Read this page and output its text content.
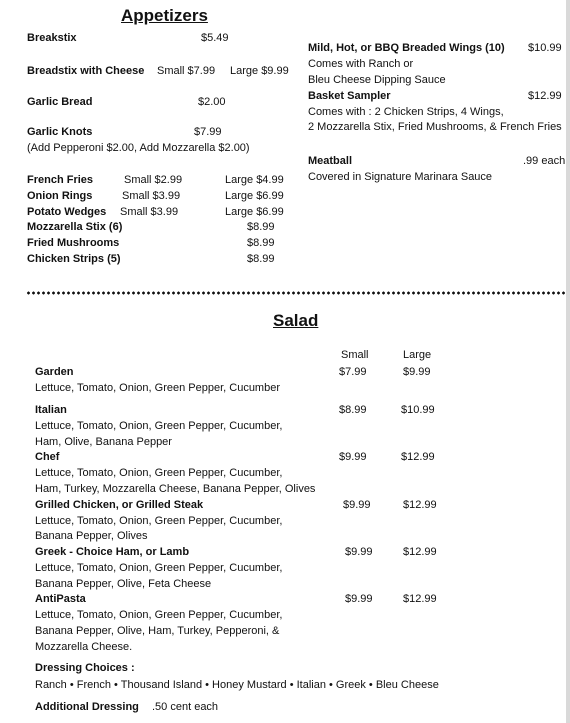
Appetizers
Breakstix	$5.49
Breadstix with Cheese Small $7.99 Large $9.99
Garlic Bread	$2.00
Garlic Knots	$7.99
(Add Pepperoni $2.00, Add Mozzarella $2.00)
French Fries	Small $2.99	Large $4.99
Onion Rings	Small $3.99	Large $6.99
Potato Wedges Small $3.99	Large $6.99
Mozzarella Stix (6)	$8.99
Fried Mushrooms	$8.99
Chicken Strips (5)	$8.99
Mild, Hot, or BBQ Breaded Wings (10) $10.99
Comes with Ranch or
Bleu Cheese Dipping Sauce
Basket Sampler	$12.99
Comes with : 2 Chicken Strips, 4 Wings,
2 Mozzarella Stix, Fried Mushrooms, & French Fries
Meatball	.99 each
Covered in Signature Marinara Sauce
Salad
Small	Large
Garden	$7.99	$9.99
Lettuce, Tomato, Onion, Green Pepper, Cucumber
Italian	$8.99	$10.99
Lettuce, Tomato, Onion, Green Pepper, Cucumber,
Ham, Olive, Banana Pepper
Chef	$9.99	$12.99
Lettuce, Tomato, Onion, Green Pepper, Cucumber,
Ham, Turkey, Mozzarella Cheese, Banana Pepper, Olives
Grilled Chicken, or Grilled Steak	$9.99	$12.99
Lettuce, Tomato, Onion, Green Pepper, Cucumber,
Banana Pepper, Olives
Greek - Choice Ham, or Lamb	$9.99	$12.99
Lettuce, Tomato, Onion, Green Pepper, Cucumber,
Banana Pepper, Olive, Feta Cheese
AntiPasta	$9.99	$12.99
Lettuce, Tomato, Onion, Green Pepper, Cucumber,
Banana Pepper, Olive, Ham, Turkey, Pepperoni, &
Mozzarella Cheese.
Dressing Choices :
Ranch • French • Thousand Island • Honey Mustard • Italian • Greek • Bleu Cheese
Additional Dressing .50 cent each
